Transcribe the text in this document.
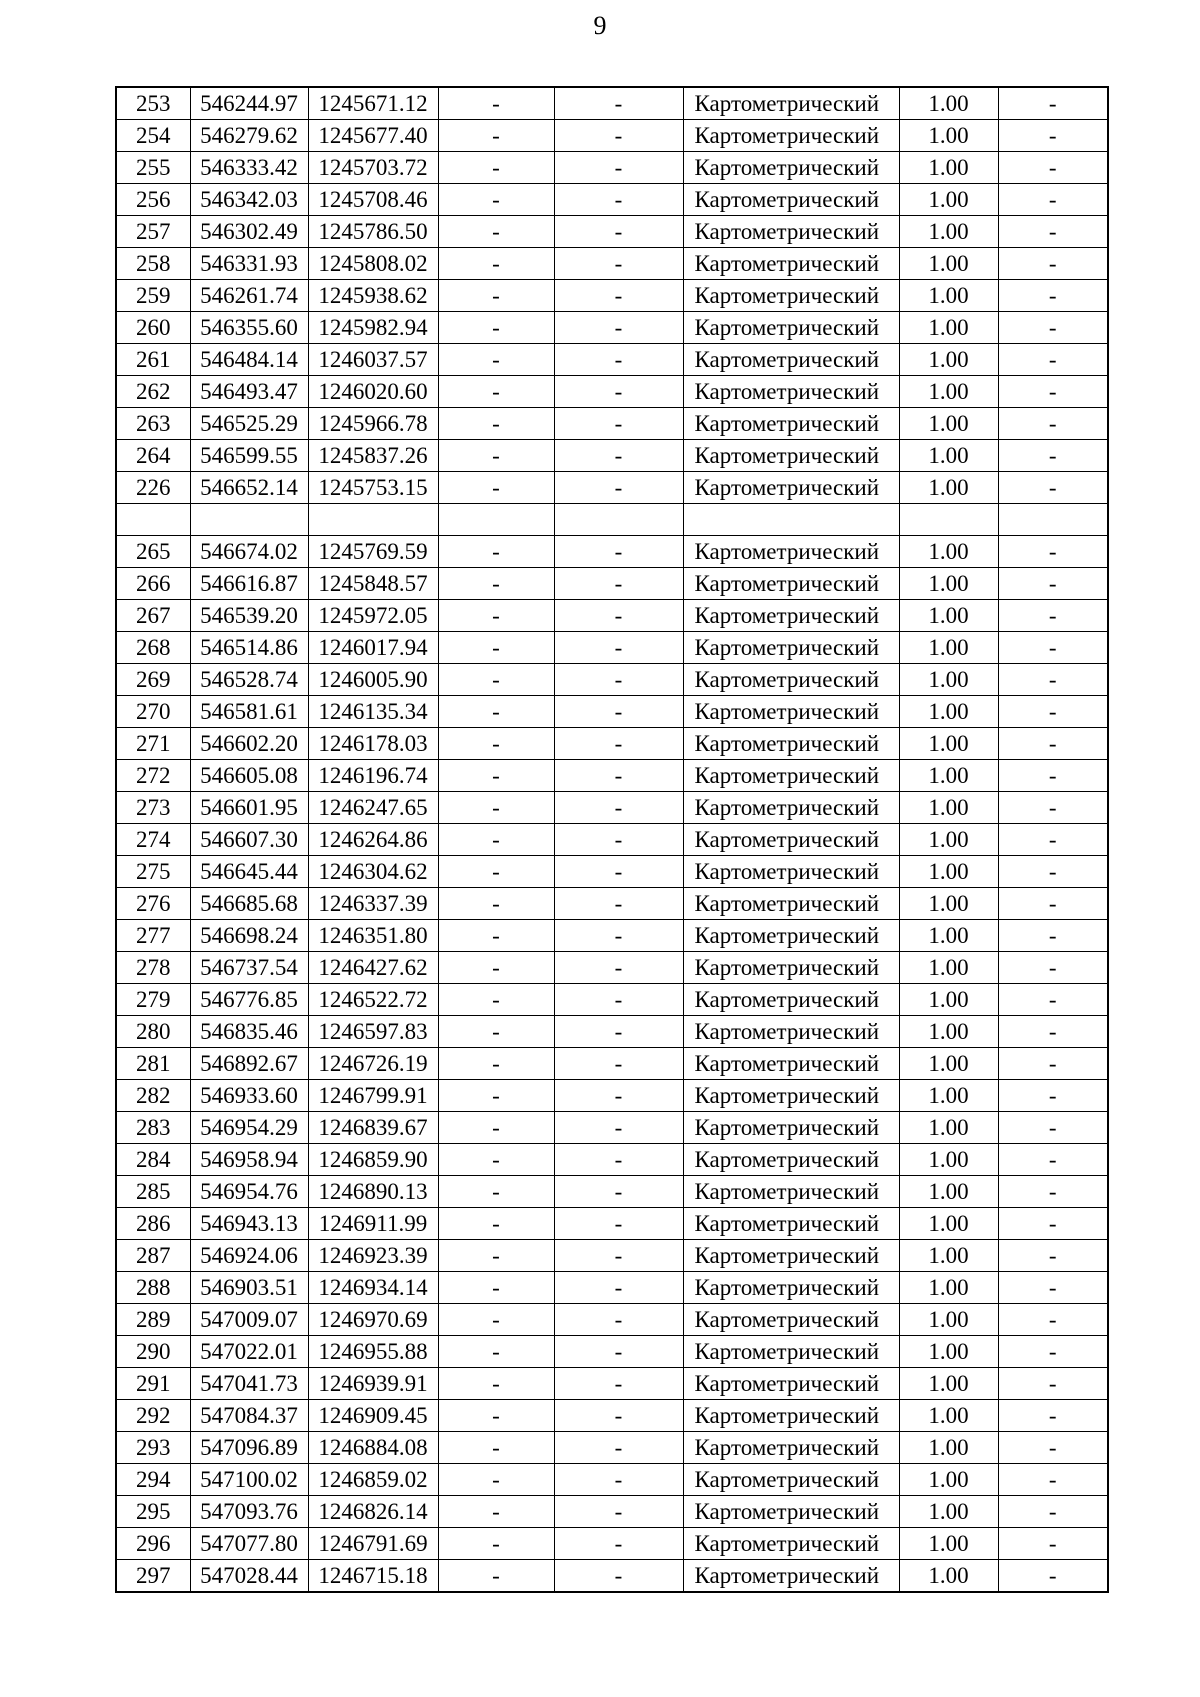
9
253	546244.97	1245671.12	-	-	Картометрический	1.00	-
254	546279.62	1245677.40	-	-	Картометрический	1.00	-
255	546333.42	1245703.72	-	-	Картометрический	1.00	-
256	546342.03	1245708.46	-	-	Картометрический	1.00	-
257	546302.49	1245786.50	-	-	Картометрический	1.00	-
258	546331.93	1245808.02	-	-	Картометрический	1.00	-
259	546261.74	1245938.62	-	-	Картометрический	1.00	-
260	546355.60	1245982.94	-	-	Картометрический	1.00	-
261	546484.14	1246037.57	-	-	Картометрический	1.00	-
262	546493.47	1246020.60	-	-	Картометрический	1.00	-
263	546525.29	1245966.78	-	-	Картометрический	1.00	-
264	546599.55	1245837.26	-	-	Картометрический	1.00	-
226	546652.14	1245753.15	-	-	Картометрический	1.00	-

265	546674.02	1245769.59	-	-	Картометрический	1.00	-
266	546616.87	1245848.57	-	-	Картометрический	1.00	-
267	546539.20	1245972.05	-	-	Картометрический	1.00	-
268	546514.86	1246017.94	-	-	Картометрический	1.00	-
269	546528.74	1246005.90	-	-	Картометрический	1.00	-
270	546581.61	1246135.34	-	-	Картометрический	1.00	-
271	546602.20	1246178.03	-	-	Картометрический	1.00	-
272	546605.08	1246196.74	-	-	Картометрический	1.00	-
273	546601.95	1246247.65	-	-	Картометрический	1.00	-
274	546607.30	1246264.86	-	-	Картометрический	1.00	-
275	546645.44	1246304.62	-	-	Картометрический	1.00	-
276	546685.68	1246337.39	-	-	Картометрический	1.00	-
277	546698.24	1246351.80	-	-	Картометрический	1.00	-
278	546737.54	1246427.62	-	-	Картометрический	1.00	-
279	546776.85	1246522.72	-	-	Картометрический	1.00	-
280	546835.46	1246597.83	-	-	Картометрический	1.00	-
281	546892.67	1246726.19	-	-	Картометрический	1.00	-
282	546933.60	1246799.91	-	-	Картометрический	1.00	-
283	546954.29	1246839.67	-	-	Картометрический	1.00	-
284	546958.94	1246859.90	-	-	Картометрический	1.00	-
285	546954.76	1246890.13	-	-	Картометрический	1.00	-
286	546943.13	1246911.99	-	-	Картометрический	1.00	-
287	546924.06	1246923.39	-	-	Картометрический	1.00	-
288	546903.51	1246934.14	-	-	Картометрический	1.00	-
289	547009.07	1246970.69	-	-	Картометрический	1.00	-
290	547022.01	1246955.88	-	-	Картометрический	1.00	-
291	547041.73	1246939.91	-	-	Картометрический	1.00	-
292	547084.37	1246909.45	-	-	Картометрический	1.00	-
293	547096.89	1246884.08	-	-	Картометрический	1.00	-
294	547100.02	1246859.02	-	-	Картометрический	1.00	-
295	547093.76	1246826.14	-	-	Картометрический	1.00	-
296	547077.80	1246791.69	-	-	Картометрический	1.00	-
297	547028.44	1246715.18	-	-	Картометрический	1.00	-
